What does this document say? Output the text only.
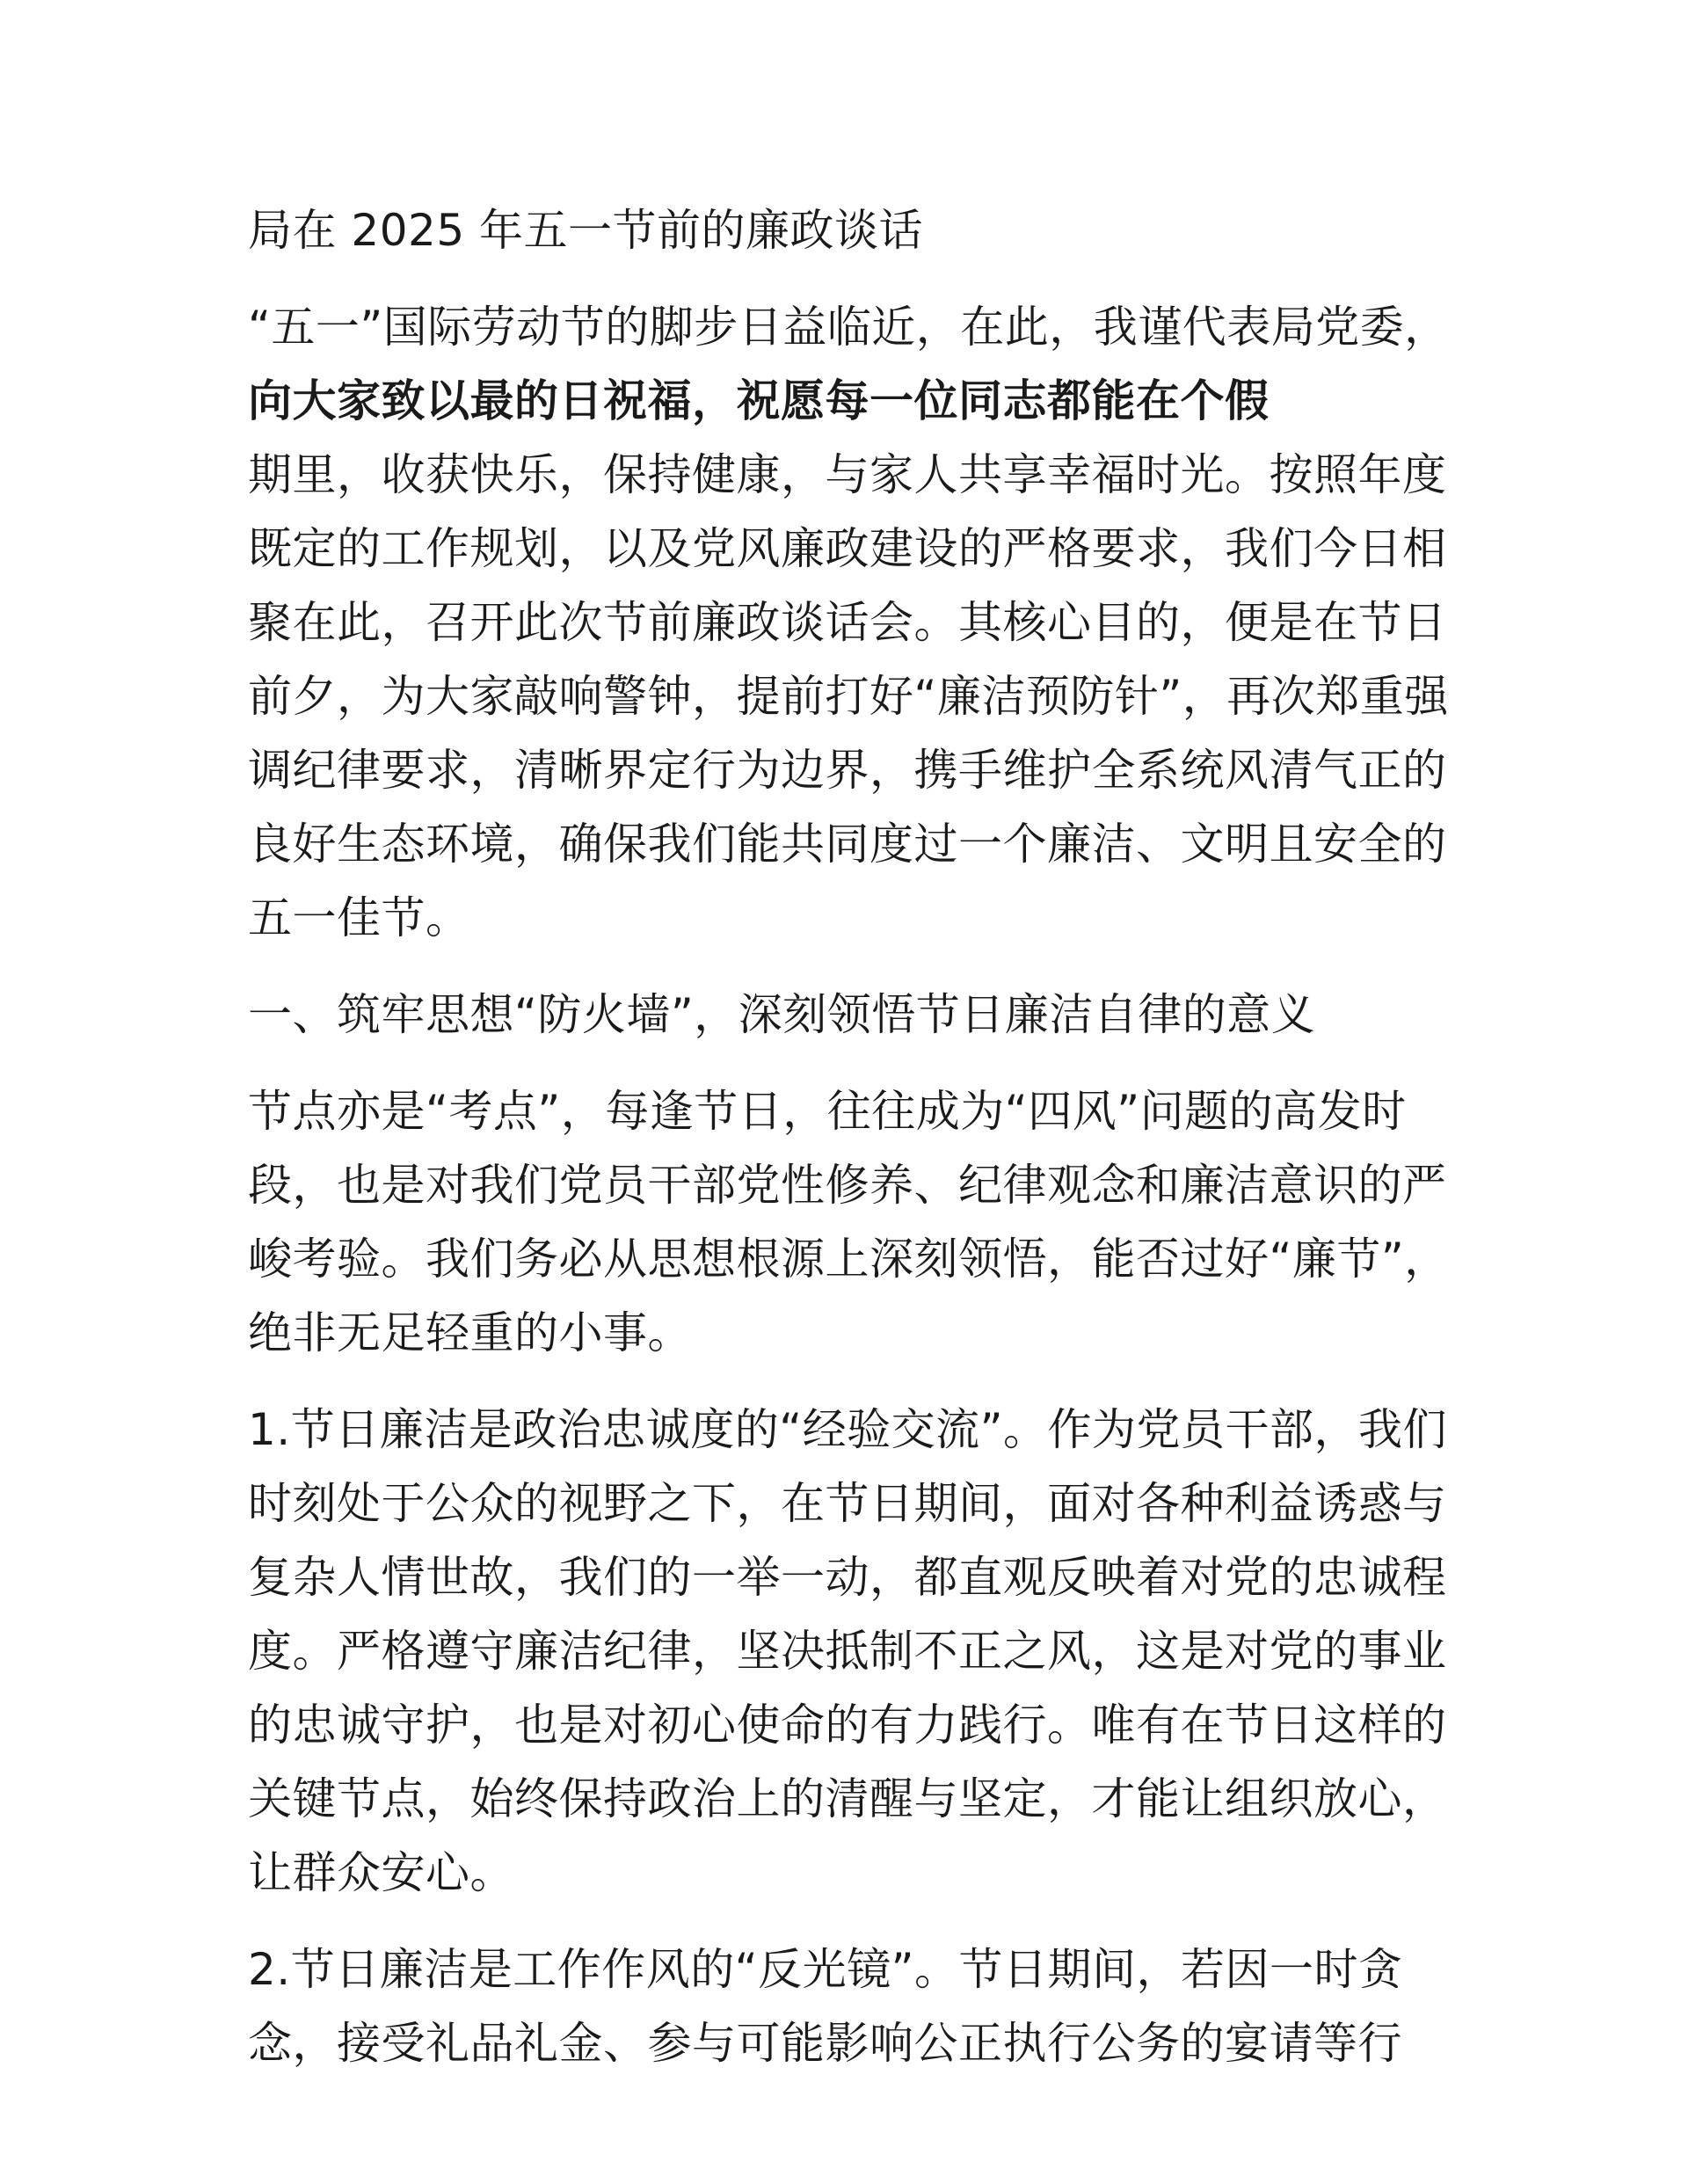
局在 2025 年五一节前的廉政谈话
“五一”国际劳动节的脚步日益临近，在此，我谨代表局党委，
向大家致以最的日祝福，祝愿每一位同志都能在个假
期里，收获快乐，保持健康，与家人共享幸福时光。按照年度
既定的工作规划，以及党风廉政建设的严格要求，我们今日相
聚在此，召开此次节前廉政谈话会。其核心目的，便是在节日
前夕，为大家敲响警钟，提前打好“廉洁预防针”，再次郑重强
调纪律要求，清晰界定行为边界，携手维护全系统风清气正的
良好生态环境，确保我们能共同度过一个廉洁、文明且安全的
五一佳节。
一、筑牢思想“防火墙”，深刻领悟节日廉洁自律的意义
节点亦是“考点”，每逢节日，往往成为“四风”问题的高发时
段，也是对我们党员干部党性修养、纪律观念和廉洁意识的严
峻考验。我们务必从思想根源上深刻领悟，能否过好“廉节”，
绝非无足轻重的小事。
1.节日廉洁是政治忠诚度的“经验交流”。作为党员干部，我们
时刻处于公众的视野之下，在节日期间，面对各种利益诱惑与
复杂人情世故，我们的一举一动，都直观反映着对党的忠诚程
度。严格遵守廉洁纪律，坚决抵制不正之风，这是对党的事业
的忠诚守护，也是对初心使命的有力践行。唯有在节日这样的
关键节点，始终保持政治上的清醒与坚定，才能让组织放心，
让群众安心。
2.节日廉洁是工作作风的“反光镜”。节日期间，若因一时贪
念，接受礼品礼金、参与可能影响公正执行公务的宴请等行
